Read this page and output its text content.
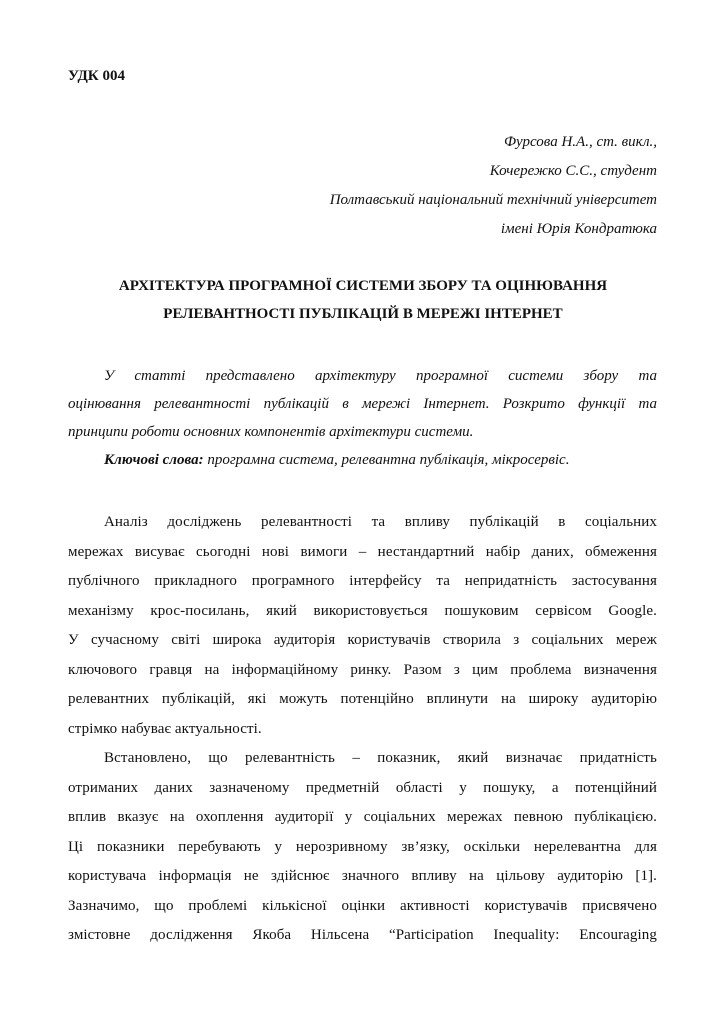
УДК 004
Фурсова Н.А., ст. викл.,
Кочережко С.С., студент
Полтавський національний технічний університет
імені Юрія Кондратюка
АРХІТЕКТУРА ПРОГРАМНОЇ СИСТЕМИ ЗБОРУ ТА ОЦІНЮВАННЯ
РЕЛЕВАНТНОСТІ ПУБЛІКАЦІЙ В МЕРЕЖІ ІНТЕРНЕТ
У статті представлено архітектуру програмної системи збору та
оцінювання релевантності публікацій в мережі Інтернет. Розкрито функції та
принципи роботи основних компонентів архітектури системи.

Ключові слова: програмна система, релевантна публікація, мікросервіс.

Аналіз досліджень релевантності та впливу публікацій в соціальних
мережах висуває сьогодні нові вимоги – нестандартний набір даних, обмеження
публічного прикладного програмного інтерфейсу та непридатність застосування
механізму крос-посилань, який використовується пошуковим сервісом Google.
У сучасному світі широка аудиторія користувачів створила з соціальних мереж
ключового гравця на інформаційному ринку. Разом з цим проблема визначення
релевантних публікацій, які можуть потенційно вплинути на широку аудиторію
стрімко набуває актуальності.
Встановлено, що релевантність – показник, який визначає придатність
отриманих даних зазначеному предметній області у пошуку, а потенційний
вплив вказує на охоплення аудиторії у соціальних мережах певною публікацією.
Ці показники перебувають у нерозривному зв’язку, оскільки нерелевантна для
користувача інформація не здійснює значного впливу на цільову аудиторію [1].
Зазначимо, що проблемі кількісної оцінки активності користувачів присвячено
змістовне дослідження Якоба Нільсена “Participation Inequality: Encouraging
